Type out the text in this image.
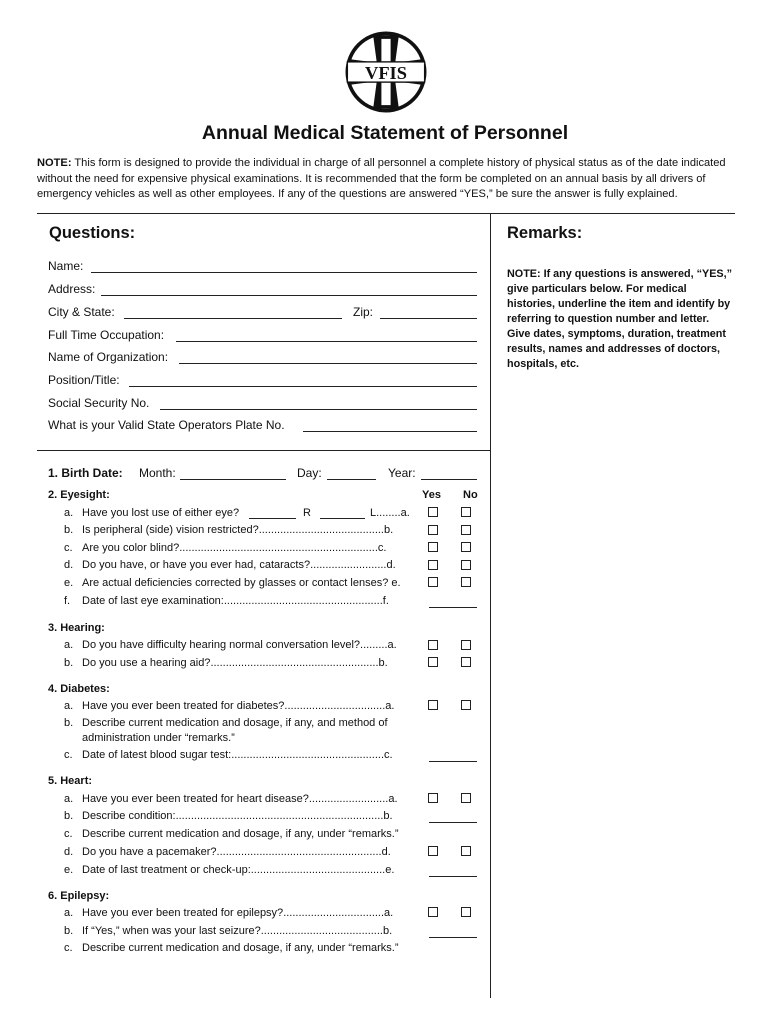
VFIS
Annual Medical Statement of Personnel
NOTE: This form is designed to provide the individual in charge of all personnel a complete history of physical status as of the date indicated without the need for expensive physical examinations. It is recommended that the form be completed on an annual basis by all drivers of emergency vehicles as well as other employees. If any of the questions are answered “YES,” be sure the answer is fully explained.
Questions:	Remarks:
NOTE: If any questions is answered, “YES,” give particulars below. For medical histories, underline the item and identify by referring to question number and letter. Give dates, symptoms, duration, treatment results, names and addresses of doctors, hospitals, etc.
Name:
Address:
City & State:	Zip:
Full Time Occupation:
Name of Organization:
Position/Title:
Social Security No.
What is your Valid State Operators Plate No.
1. Birth Date: Month:	Day:	Year:
Yes No
2. Eyesight:
a. Have you lost use of either eye?	R	L........a.
b. Is peripheral (side) vision restricted?.........................................b.
c. Are you color blind?.................................................................c.
d. Do you have, or have you ever had, cataracts?.........................d.
e. Are actual deficiencies corrected by glasses or contact lenses? e.
f. Date of last eye examination:....................................................f.
3. Hearing:
a. Do you have difficulty hearing normal conversation level?.........a.
b. Do you use a hearing aid?.......................................................b.
4. Diabetes:
a. Have you ever been treated for diabetes?.................................a.
b. Describe current medication and dosage, if any, and method of
administration under “remarks.”
c. Date of latest blood sugar test:..................................................c.
5. Heart:
a. Have you ever been treated for heart disease?..........................a.
b. Describe condition:....................................................................b.
c. Describe current medication and dosage, if any, under “remarks.”
d. Do you have a pacemaker?......................................................d.
e. Date of last treatment or check-up:............................................e.
6. Epilepsy:
a. Have you ever been treated for epilepsy?.................................a.
b. If “Yes,” when was your last seizure?........................................b.
c. Describe current medication and dosage, if any, under “remarks.”
